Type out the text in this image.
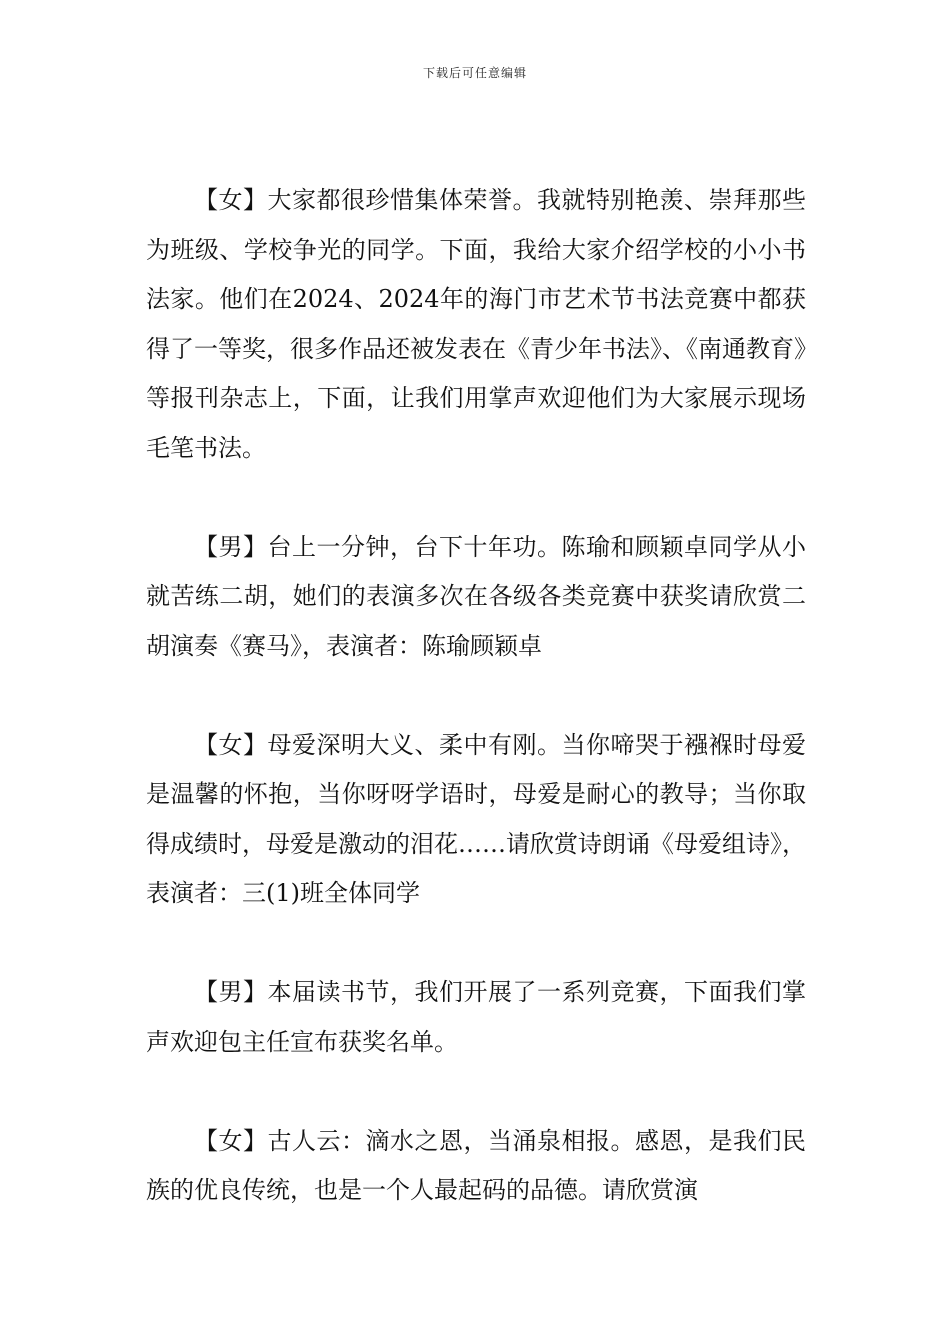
下载后可任意编辑

【女】大家都很珍惜集体荣誉。我就特别艳羡、崇拜那些为班级、学校争光的同学。下面，我给大家介绍学校的小小书法家。他们在2024、2024年的海门市艺术节书法竞赛中都获得了一等奖，很多作品还被发表在《青少年书法》、《南通教育》等报刊杂志上，下面，让我们用掌声欢迎他们为大家展示现场毛笔书法。

【男】台上一分钟，台下十年功。陈瑜和顾颖卓同学从小就苦练二胡，她们的表演多次在各级各类竞赛中获奖请欣赏二胡演奏《赛马》，表演者：陈瑜顾颖卓

【女】母爱深明大义、柔中有刚。当你啼哭于襁褓时母爱是温馨的怀抱，当你呀呀学语时，母爱是耐心的教导；当你取得成绩时，母爱是激动的泪花……请欣赏诗朗诵《母爱组诗》，表演者：三(1)班全体同学

【男】本届读书节，我们开展了一系列竞赛，下面我们掌声欢迎包主任宣布获奖名单。

【女】古人云：滴水之恩，当涌泉相报。感恩，是我们民族的优良传统，也是一个人最起码的品德。请欣赏演
